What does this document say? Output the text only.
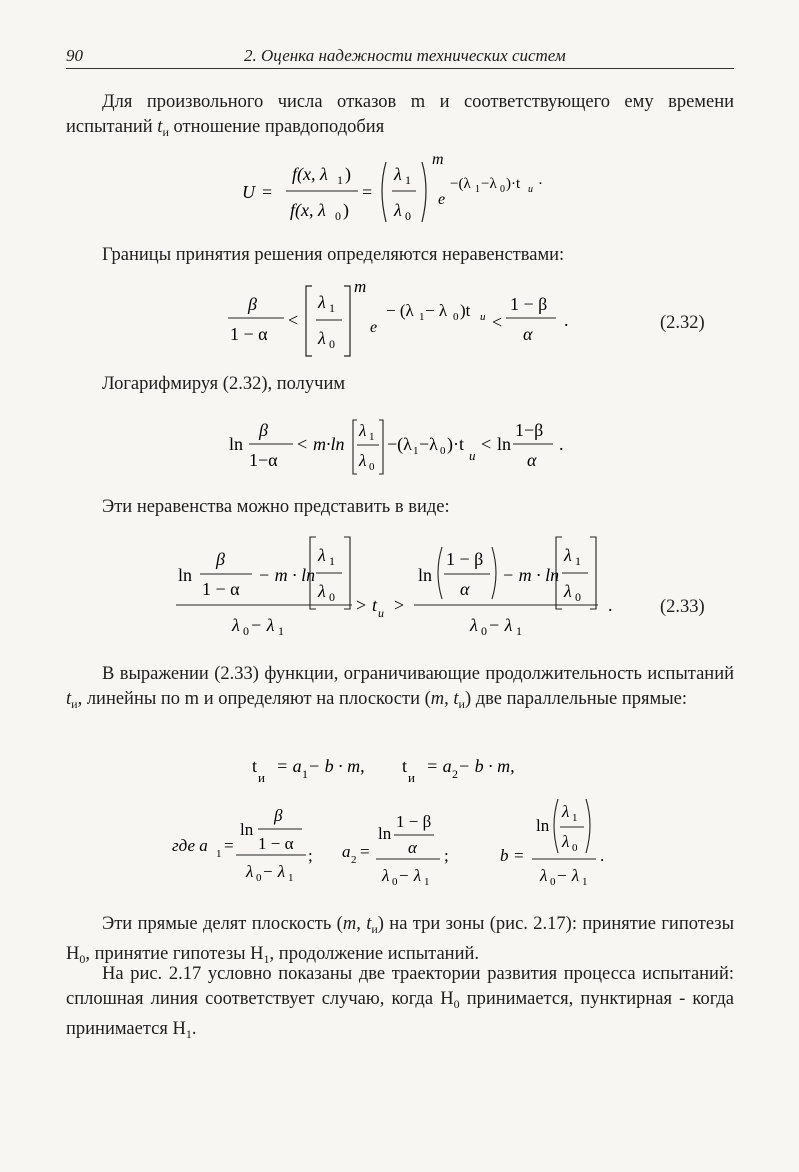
90	2. Оценка надежности технических систем
Для произвольного числа отказов m и соответствующего ему времени испытаний $t_и$ отношение правдоподобия
U =
f(x, λ 1 )
f(x, λ 0 )
=
λ 1
λ 0
m
e
−(λ 1 −λ 0 )·t u ·
Границы принятия решения определяются неравенствами:
β
1 − α
<
λ 1
λ 0
m
e
− (λ 1 − λ 0 )t u <
1 − β
α
.	(2.32)
Логарифмируя (2.32), получим
ln
β
1−α
< m·ln
λ 1
λ 0
−(λ 1 −λ 0 )·t
u
< ln
1−β
α
.
Эти неравенства можно представить в виде:
ln
β
1 − α
− m · ln
λ 1
λ 0
λ 0 − λ 1
> t u >
ln
1 − β
α
− m · ln
λ 1
λ 0
λ 0 − λ 1
.	(2.33)
В выражении (2.33) функции, ограничивающие продолжительность испытаний $t_и$, линейны по m и определяют на плоскости (m, $t_и$) две параллельные прямые:
t
и
= a 1 − b · m, t
и
= a 2 − b · m,
где a 1 =
ln
β
1 − α
λ 0 − λ 1
; a 2 =
ln
1 − β
α
λ 0 − λ 1
;	b =
ln
λ 1
λ 0
λ 0 − λ 1
.
Эти прямые делят плоскость (m, $t_и$) на три зоны (рис. 2.17): принятие гипотезы $H_0$, принятие гипотезы $H_1$, продолжение испытаний.
На рис. 2.17 условно показаны две траектории развития процесса испытаний: сплошная линия соответствует случаю, когда $H_0$ принимается, пунктирная - когда принимается $H_1$.
